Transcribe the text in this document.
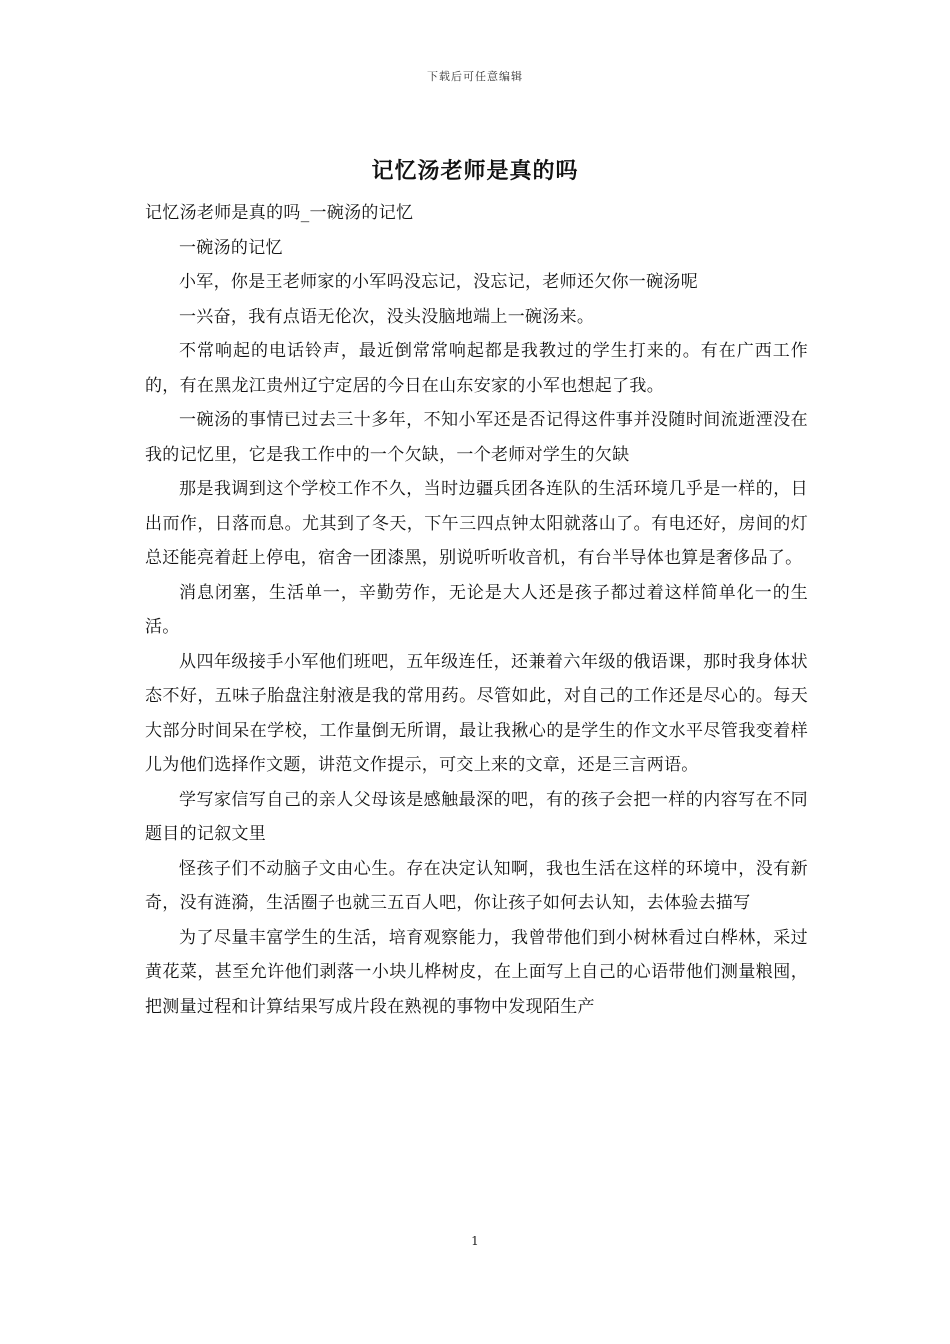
下载后可任意编辑
记忆汤老师是真的吗

记忆汤老师是真的吗_一碗汤的记忆

一碗汤的记忆

小军，你是王老师家的小军吗没忘记，没忘记，老师还欠你一碗汤呢

一兴奋，我有点语无伦次，没头没脑地端上一碗汤来。

不常响起的电话铃声，最近倒常常响起都是我教过的学生打来的。有在广西工作的，有在黑龙江贵州辽宁定居的今日在山东安家的小军也想起了我。

一碗汤的事情已过去三十多年，不知小军还是否记得这件事并没随时间流逝湮没在我的记忆里，它是我工作中的一个欠缺，一个老师对学生的欠缺

那是我调到这个学校工作不久，当时边疆兵团各连队的生活环境几乎是一样的，日出而作，日落而息。尤其到了冬天，下午三四点钟太阳就落山了。有电还好，房间的灯总还能亮着赶上停电，宿舍一团漆黑，别说听听收音机，有台半导体也算是奢侈品了。

消息闭塞，生活单一，辛勤劳作，无论是大人还是孩子都过着这样简单化一的生活。

从四年级接手小军他们班吧，五年级连任，还兼着六年级的俄语课，那时我身体状态不好，五味子胎盘注射液是我的常用药。尽管如此，对自己的工作还是尽心的。每天大部分时间呆在学校，工作量倒无所谓，最让我揪心的是学生的作文水平尽管我变着样儿为他们选择作文题，讲范文作提示，可交上来的文章，还是三言两语。

学写家信写自己的亲人父母该是感触最深的吧，有的孩子会把一样的内容写在不同题目的记叙文里

怪孩子们不动脑子文由心生。存在决定认知啊，我也生活在这样的环境中，没有新奇，没有涟漪，生活圈子也就三五百人吧，你让孩子如何去认知，去体验去描写

为了尽量丰富学生的生活，培育观察能力，我曾带他们到小树林看过白桦林，采过黄花菜，甚至允许他们剥落一小块儿桦树皮，在上面写上自己的心语带他们测量粮囤，把测量过程和计算结果写成片段在熟视的事物中发现陌生产

1
